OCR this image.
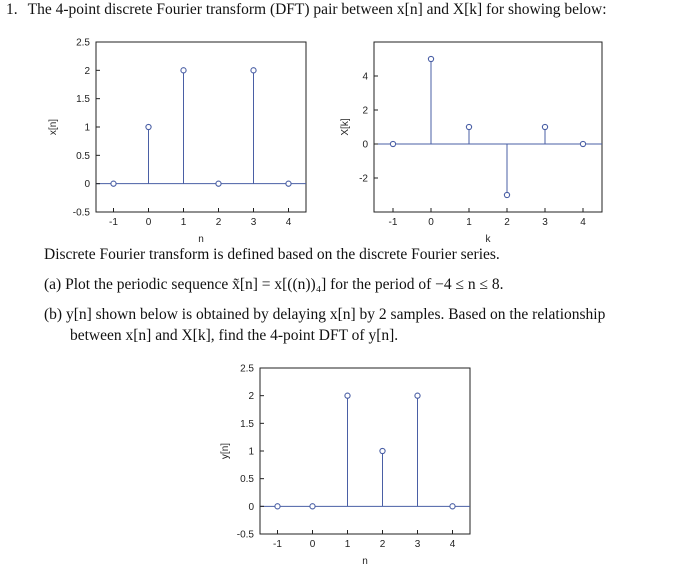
1. The 4-point discrete Fourier transform (DFT) pair between x[n] and X[k] for showing below:
-1	0	1	2	3	4
-0.5
0
0.5
1
1.5
2
2.5
n
x[n]
-1	0	1	2	3	4
-2
0
2
4
k
X[k]
Discrete Fourier transform is defined based on the discrete Fourier series.
(a) Plot the periodic sequence x̃[n] = x[((n))₄] for the period of −4 ≤ n ≤ 8.
(b) y[n] shown below is obtained by delaying x[n] by 2 samples. Based on the relationship
between x[n] and X[k], find the 4-point DFT of y[n].
-1	0	1	2	3	4
-0.5
0
0.5
1
1.5
2
2.5
n
y[n]
